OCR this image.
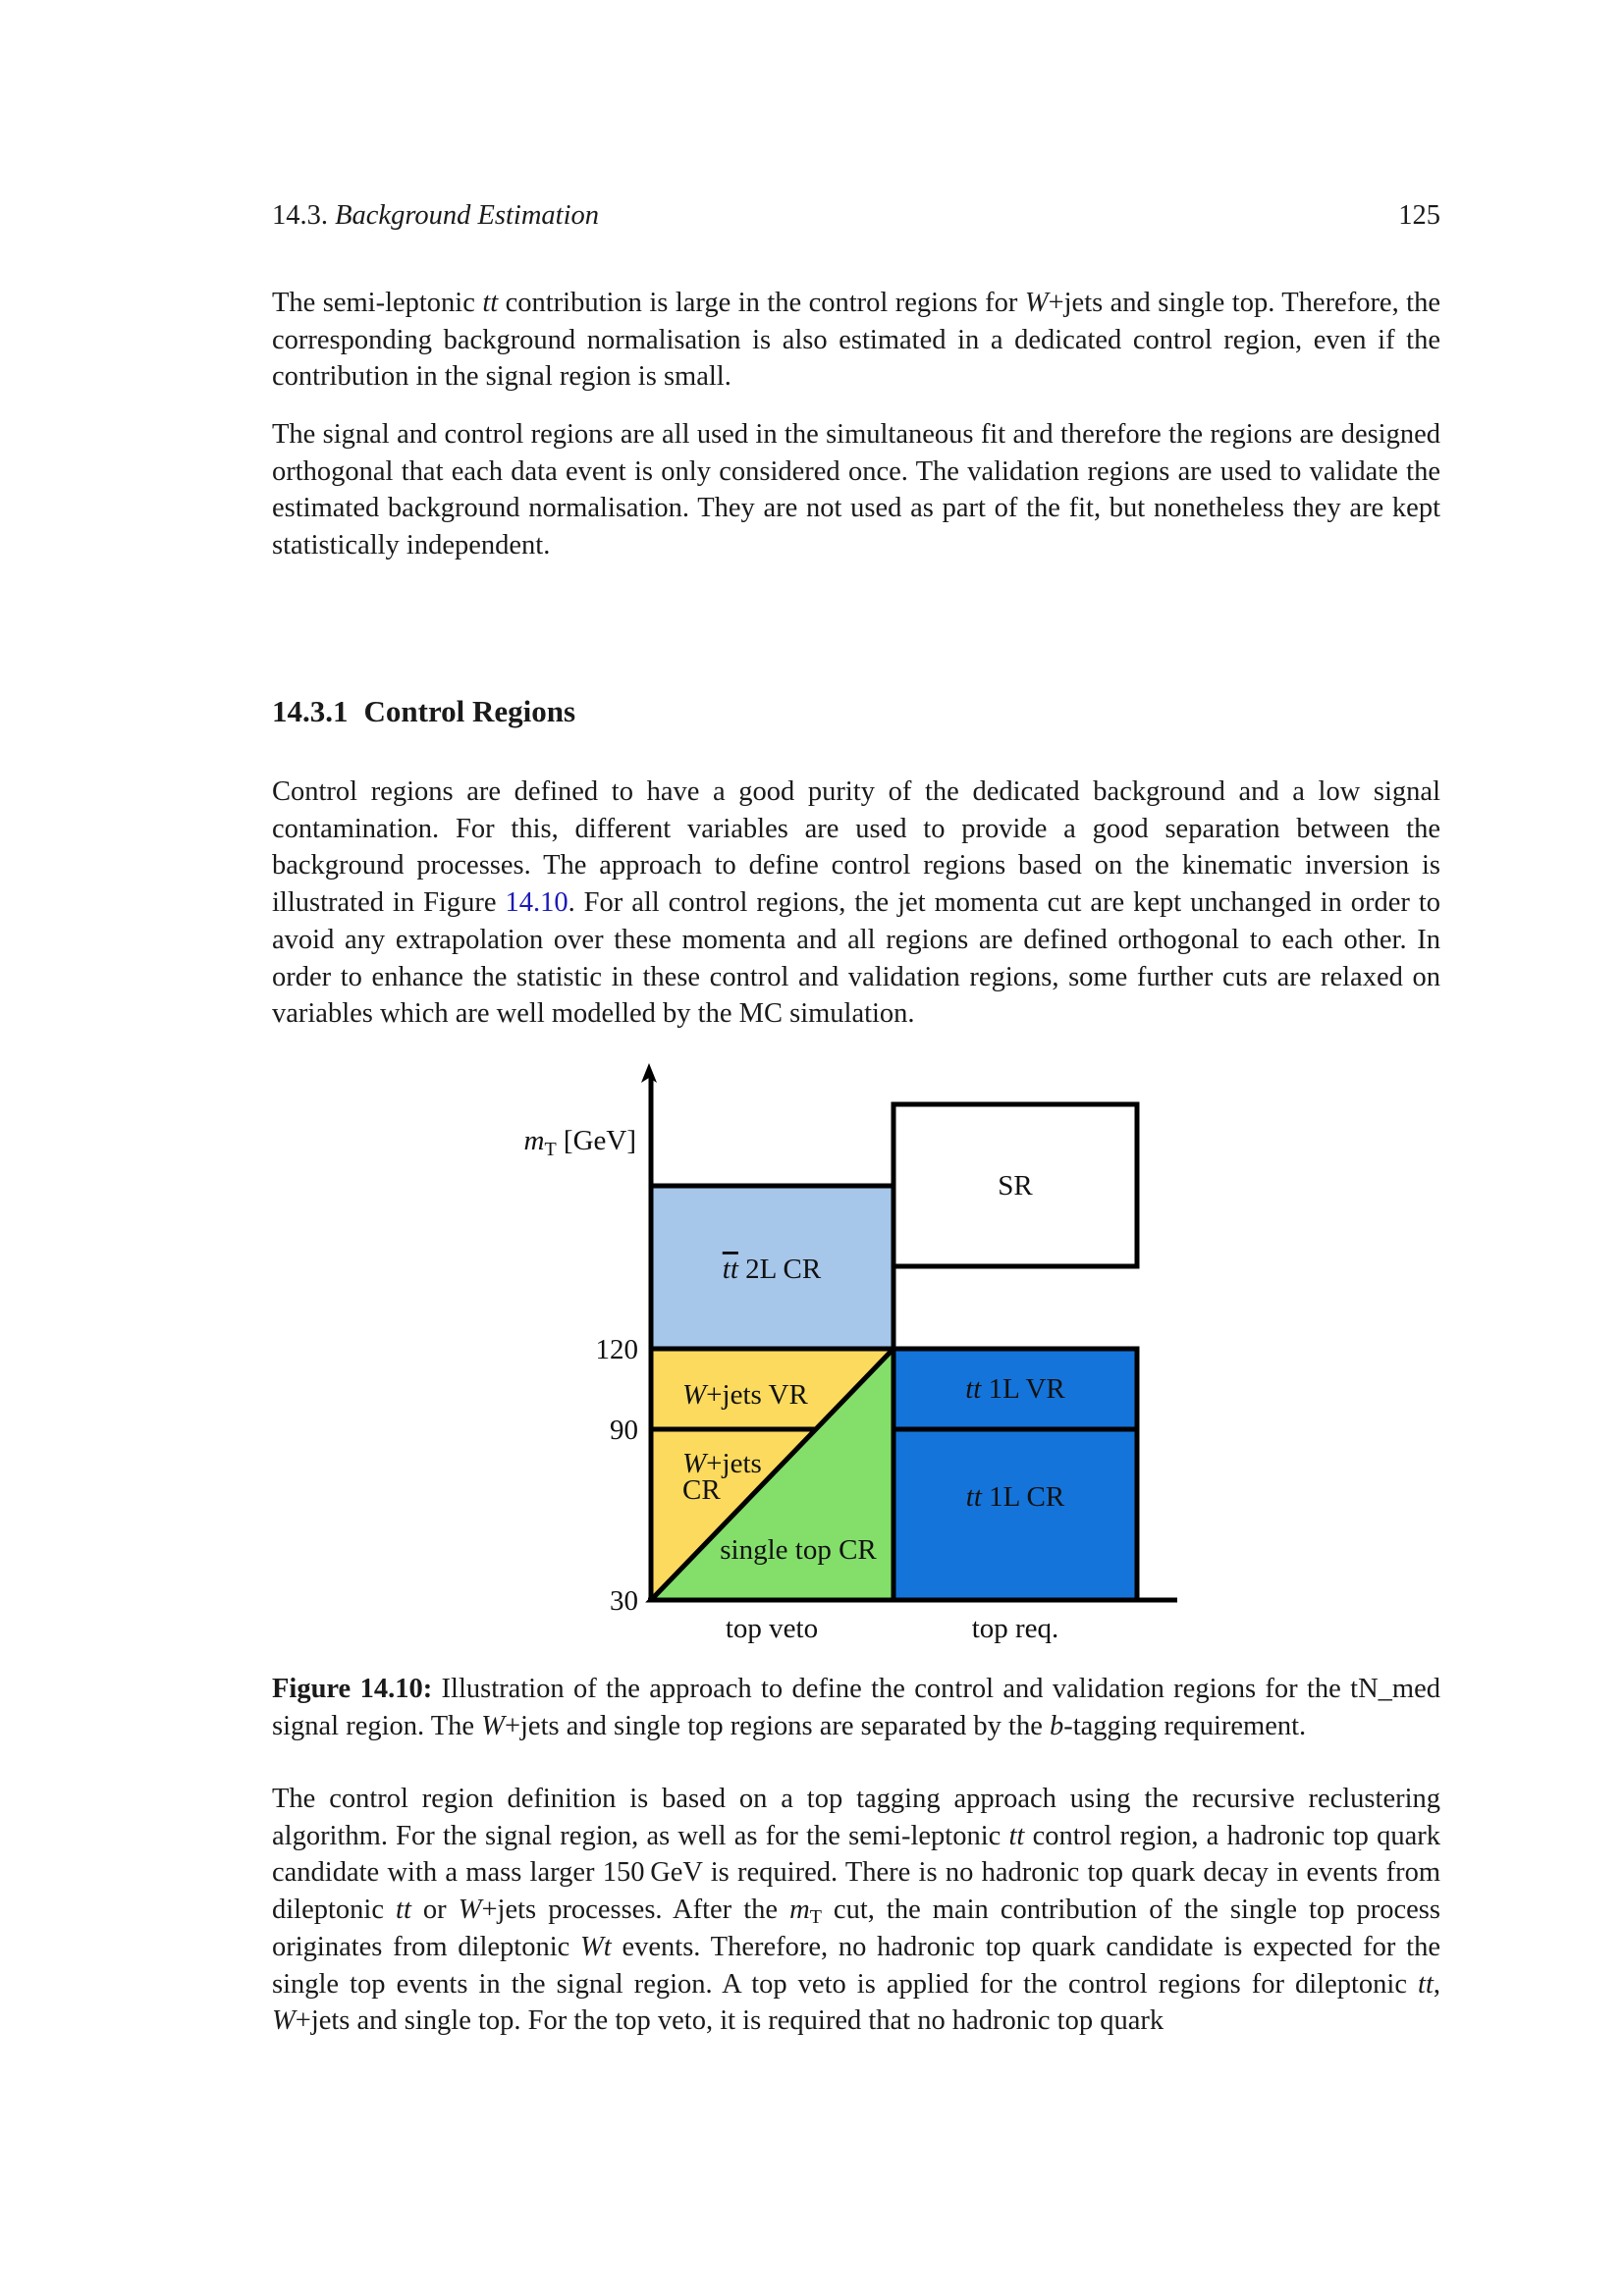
14.3. Background Estimation	125

The semi-leptonic tt contribution is large in the control regions for W+jets and single top. Therefore, the corresponding background normalisation is also estimated in a dedicated control region, even if the contribution in the signal region is small.

The signal and control regions are all used in the simultaneous fit and therefore the regions are designed orthogonal that each data event is only considered once. The validation regions are used to validate the estimated background normalisation. They are not used as part of the fit, but nonetheless they are kept statistically independent.

14.3.1 Control Regions

Control regions are defined to have a good purity of the dedicated background and a low signal contamination. For this, different variables are used to provide a good separation between the background processes. The approach to define control regions based on the kinematic inversion is illustrated in Figure 14.10. For all control regions, the jet momenta cut are kept unchanged in order to avoid any extrapolation over these momenta and all regions are defined orthogonal to each other. In order to enhance the statistic in these control and validation regions, some further cuts are relaxed on variables which are well modelled by the MC simulation.

$m_T$ [GeV]
120
90
30
top veto	top req.
tt 2L CR
SR
W+jets VR
W+jets
CR
single top CR
tt 1L VR
tt 1L CR

Figure 14.10: Illustration of the approach to define the control and validation regions for the tN_med signal region. The W+jets and single top regions are separated by the b-tagging requirement.

The control region definition is based on a top tagging approach using the recursive reclustering algorithm. For the signal region, as well as for the semi-leptonic tt control region, a hadronic top quark candidate with a mass larger 150 GeV is required. There is no hadronic top quark decay in events from dileptonic tt or W+jets processes. After the $m_T$ cut, the main contribution of the single top process originates from dileptonic Wt events. Therefore, no hadronic top quark candidate is expected for the single top events in the signal region. A top veto is applied for the control regions for dileptonic tt, W+jets and single top. For the top veto, it is required that no hadronic top quark
